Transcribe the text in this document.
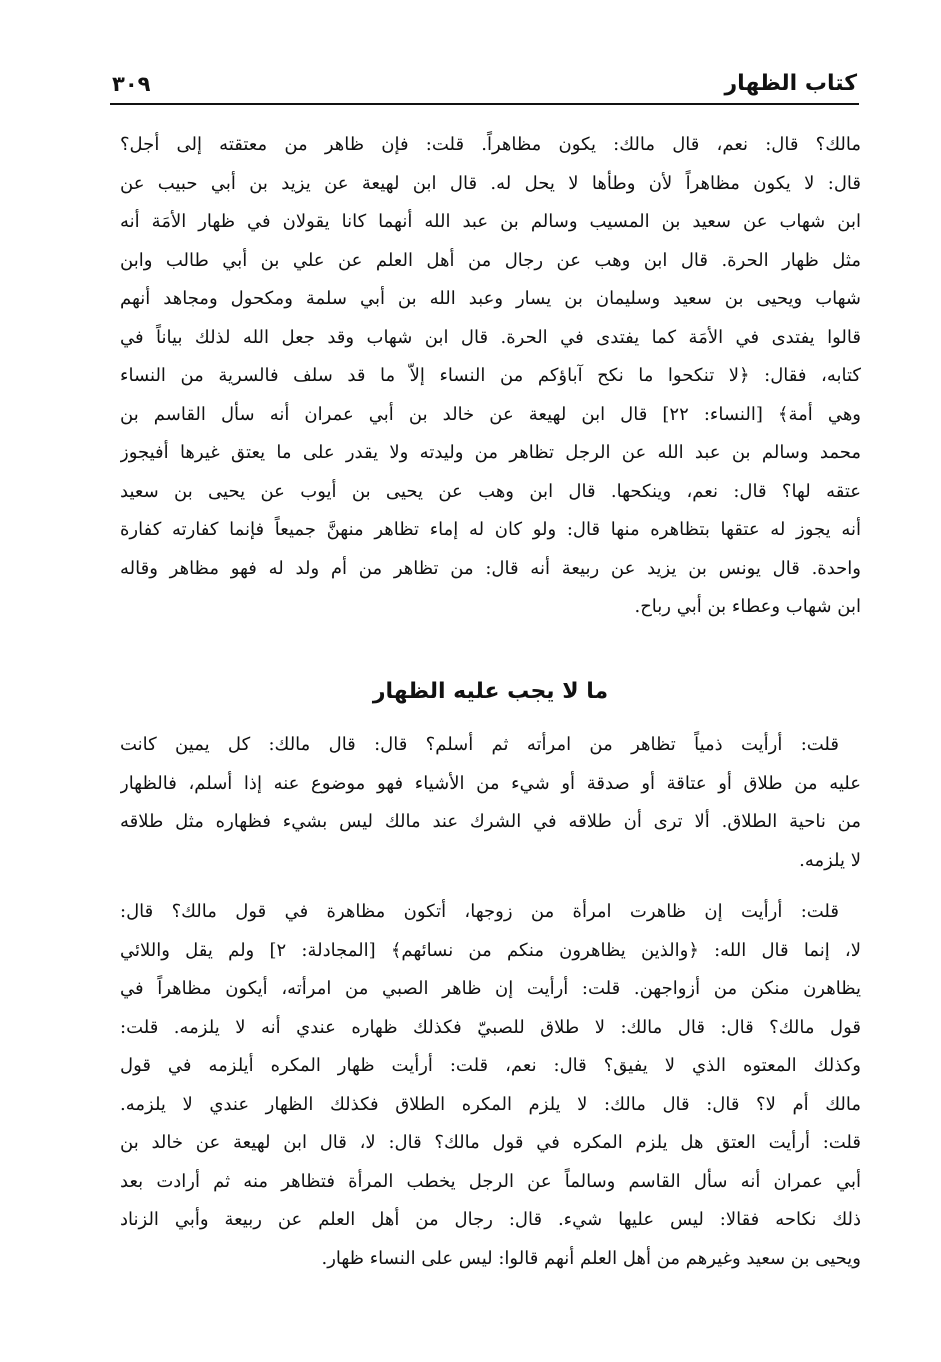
كتاب الظهار
٣٠٩
مالك؟ قال: نعم، قال مالك: يكون مظاهراً. قلت: فإن ظاهر من معتقته إلى أجل؟
قال: لا يكون مظاهراً لأن وطأها لا يحل له. قال ابن لهيعة عن يزيد بن أبي حبيب عن
ابن شهاب عن سعيد بن المسيب وسالم بن عبد الله أنهما كانا يقولان في ظهار الأمَة أنه
مثل ظهار الحرة. قال ابن وهب عن رجال من أهل العلم عن علي بن أبي طالب وابن
شهاب ويحيى بن سعيد وسليمان بن يسار وعبد الله بن أبي سلمة ومكحول ومجاهد أنهم
قالوا يفتدى في الأمَة كما يفتدى في الحرة. قال ابن شهاب وقد جعل الله لذلك بياناً في
كتابه، فقال: ﴿لا تنكحوا ما نكح آباؤكم من النساء إلاّ ما قد سلف فالسرية من النساء
وهي أمة﴾ [النساء: ٢٢] قال ابن لهيعة عن خالد بن أبي عمران أنه سأل القاسم بن
محمد وسالم بن عبد الله عن الرجل تظاهر من وليدته ولا يقدر على ما يعتق غيرها أفيجوز
عتقه لها؟ قال: نعم، وينكحها. قال ابن وهب عن يحيى بن أيوب عن يحيى بن سعيد
أنه يجوز له عتقها بتظاهره منها قال: ولو كان له إماء تظاهر منهنَّ جميعاً فإنما كفارته كفارة
واحدة. قال يونس بن يزيد عن ربيعة أنه قال: من تظاهر من أم ولد له فهو مظاهر وقاله
ابن شهاب وعطاء بن أبي رباح.
ما لا يجب عليه الظهار
قلت: أرأيت ذمياً تظاهر من امرأته ثم أسلم؟ قال: قال مالك: كل يمين كانت
عليه من طلاق أو عتاقة أو صدقة أو شيء من الأشياء فهو موضوع عنه إذا أسلم، فالظهار
من ناحية الطلاق. ألا ترى أن طلاقه في الشرك عند مالك ليس بشيء فظهاره مثل طلاقه
لا يلزمه.
قلت: أرأيت إن ظاهرت امرأة من زوجها، أتكون مظاهرة في قول مالك؟ قال:
لا، إنما قال الله: ﴿والذين يظاهرون منكم من نسائهم﴾ [المجادلة: ٢] ولم يقل واللائي
يظاهرن منكن من أزواجهن. قلت: أرأيت إن ظاهر الصبي من امرأته، أيكون مظاهراً في
قول مالك؟ قال: قال مالك: لا طلاق للصبيّ فكذلك ظهاره عندي أنه لا يلزمه. قلت:
وكذلك المعتوه الذي لا يفيق؟ قال: نعم، قلت: أرأيت ظهار المكره أيلزمه في قول
مالك أم لا؟ قال: قال مالك: لا يلزم المكره الطلاق فكذلك الظهار عندي لا يلزمه.
قلت: أرأيت العتق هل يلزم المكره في قول مالك؟ قال: لا، قال ابن لهيعة عن خالد بن
أبي عمران أنه سأل القاسم وسالماً عن الرجل يخطب المرأة فتظاهر منه ثم أرادت بعد
ذلك نكاحه فقالا: ليس عليها شيء. قال: رجال من أهل العلم عن ربيعة وأبي الزناد
ويحيى بن سعيد وغيرهم من أهل العلم أنهم قالوا: ليس على النساء ظهار.
